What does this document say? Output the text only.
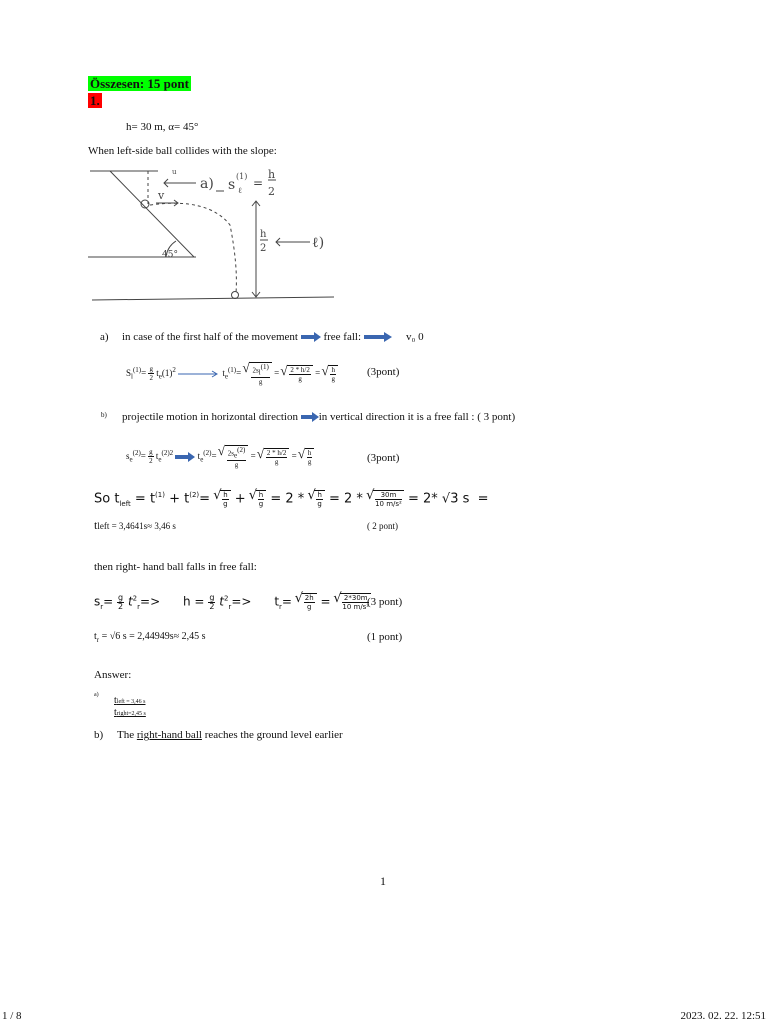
Összesen: 15 pont
1.
h= 30 m, α= 45°
When left-side ball collides with the slope:
a)
ℓ)
s
(1)
ℓ
=
h
2
v
45°
u
h
2
a) in case of the first half of the movement free fall:	v₀ 0
$S_l^{(1)}= \frac{g}{2} t_e(1)^2$	$t_e^{(1)}=$ √ $\frac{2sl(1)}{g}$ = √ $\frac{2 * h/2}{g}$ = √ $\frac{h}{g}$	(3pont)
b) projectile motion in horizontal direction in vertical direction it is a free fall : ( 3 pont)
$s_e^{(2)}= \frac{g}{2} t_e^{(2)2}$  $t_e^{(2)}=$ √ $\frac{2se(2)}{g}$ = √ $\frac{2 * h/2}{g}$ = √ $\frac{h}{g}$	(3pont)
So $t_{left} = t^{(1)} + t^{(2)}=$ √ $\frac{h}{g}$ + √ $\frac{h}{g} = 2$ * √ $\frac{h}{g} = 2$ * √ $\frac{30m}{\text{10 m/s²}} = 2*$ √3 s =
tleft = 3,4641s≈ 3,46 s	( 2 pont)
then right- hand ball falls in free fall:
$s_r= \frac{g}{2} t^2_r=> h = \frac{g}{2} t^2_r=> t_r=$ √ $\frac{2h}{g}$ = √ $\frac{2*30m}{\text{10 m/s²}}$
(3 pont)
$t_r = √6$ s = 2,44949s≈ 2,45 s	(1 pont)
Answer:
a) tleft = 3,46 s
tright=2,45 s
b) The right-hand ball reaches the ground level earlier
1
1 / 8	2023. 02. 22. 12:51
